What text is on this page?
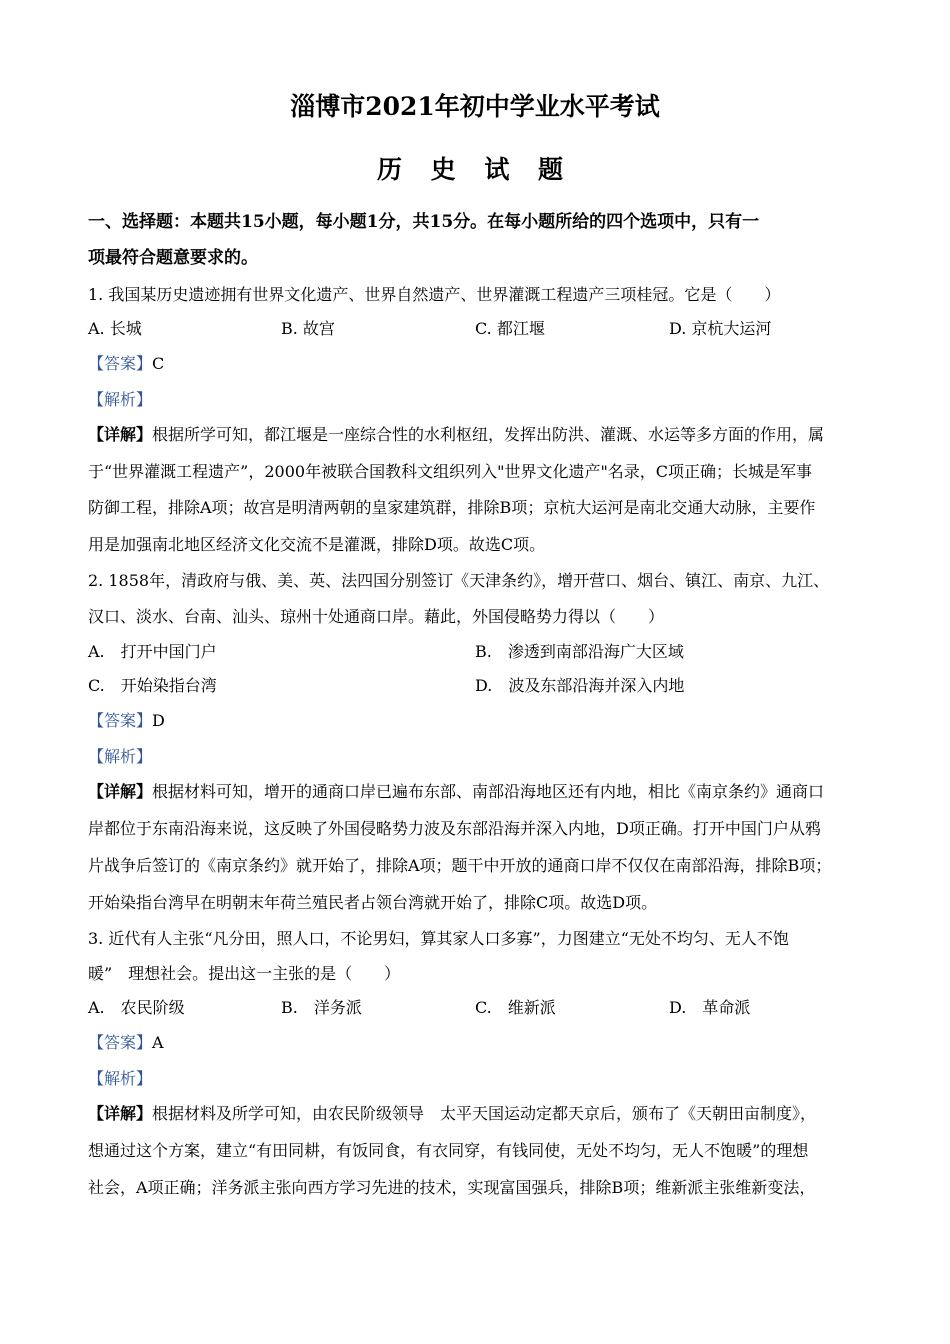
淄博市2021年初中学业水平考试
历 史 试 题
一、选择题：本题共15小题，每小题1分，共15分。在每小题所给的四个选项中，只有一
项最符合题意要求的。
1. 我国某历史遗迹拥有世界文化遗产、世界自然遗产、世界灌溉工程遗产三项桂冠。它是（　　）
A. 长城	B. 故宫	C. 都江堰	D. 京杭大运河
【答案】C
【解析】
【详解】根据所学可知，都江堰是一座综合性的水利枢纽，发挥出防洪、灌溉、水运等多方面的作用，属
于“世界灌溉工程遗产”，2000年被联合国教科文组织列入"世界文化遗产"名录，C项正确；长城是军事
防御工程，排除A项；故宫是明清两朝的皇家建筑群，排除B项；京杭大运河是南北交通大动脉，主要作
用是加强南北地区经济文化交流不是灌溉，排除D项。故选C项。
2. 1858年，清政府与俄、美、英、法四国分别签订《天津条约》，增开营口、烟台、镇江、南京、九江、
汉口、淡水、台南、汕头、琼州十处通商口岸。藉此，外国侵略势力得以（　　）
A.　打开中国门户	B.　渗透到南部沿海广大区域
C.　开始染指台湾	D.　波及东部沿海并深入内地
【答案】D
【解析】
【详解】根据材料可知，增开的通商口岸已遍布东部、南部沿海地区还有内地，相比《南京条约》通商口
岸都位于东南沿海来说，这反映了外国侵略势力波及东部沿海并深入内地，D项正确。打开中国门户从鸦
片战争后签订的《南京条约》就开始了，排除A项；题干中开放的通商口岸不仅仅在南部沿海，排除B项；
开始染指台湾早在明朝末年荷兰殖民者占领台湾就开始了，排除C项。故选D项。
3. 近代有人主张“凡分田，照人口，不论男妇，算其家人口多寡”，力图建立“无处不均匀、无人不饱
暖”　理想社会。提出这一主张的是（　　）
A.　农民阶级	B.　洋务派	C.　维新派	D.　革命派
【答案】A
【解析】
【详解】根据材料及所学可知，由农民阶级领导　太平天国运动定都天京后，颁布了《天朝田亩制度》，
想通过这个方案，建立“有田同耕，有饭同食，有衣同穿，有钱同使，无处不均匀，无人不饱暖”的理想
社会，A项正确；洋务派主张向西方学习先进的技术，实现富国强兵，排除B项；维新派主张维新变法，
